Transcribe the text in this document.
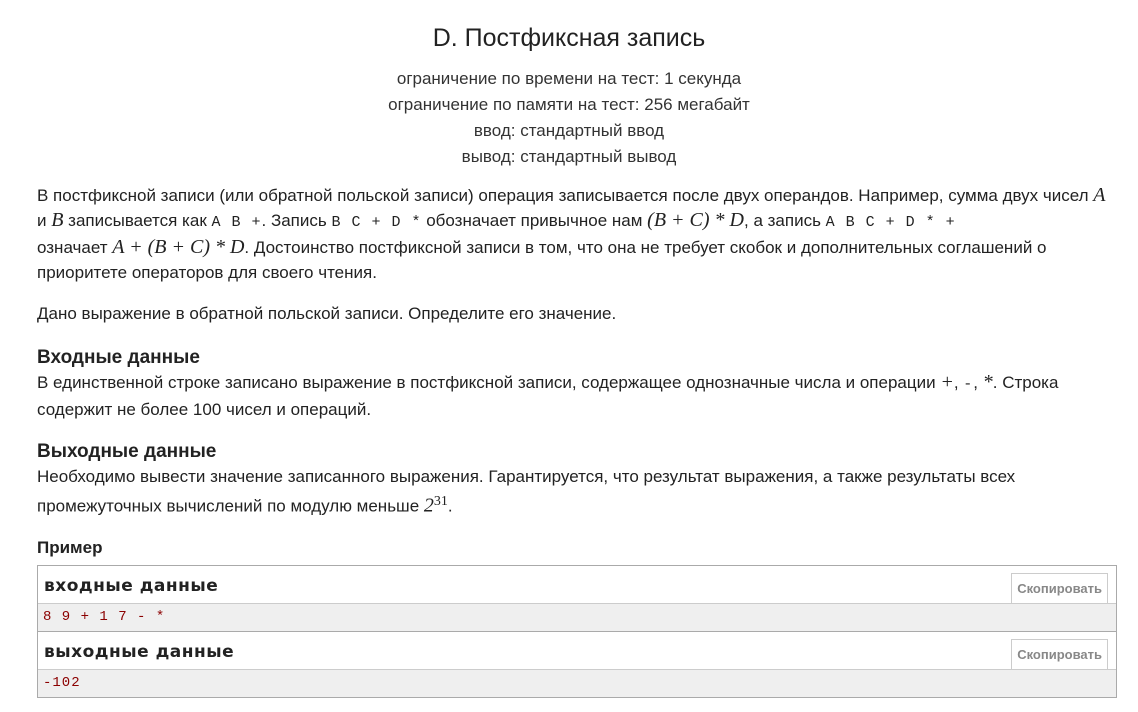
D. Постфиксная запись
ограничение по времени на тест: 1 секунда
ограничение по памяти на тест: 256 мегабайт
ввод: стандартный ввод
вывод: стандартный вывод

В постфиксной записи (или обратной польской записи) операция записывается после двух операндов. Например, сумма двух чисел A и B записывается как A B +. Запись B C + D * обозначает привычное нам (B + C) * D, а запись A B C + D * +
означает A + (B + C) * D. Достоинство постфиксной записи в том, что она не требует скобок и дополнительных соглашений о приоритете операторов для своего чтения.

Дано выражение в обратной польской записи. Определите его значение.

Входные данные
В единственной строке записано выражение в постфиксной записи, содержащее однозначные числа и операции +, -, *. Строка содержит не более 100 чисел и операций.
Выходные данные
Необходимо вывести значение записанного выражения. Гарантируется, что результат выражения, а также результаты всех промежуточных вычислений по модулю меньше $2^{31}$.
Пример
входные данные	Скопировать
8 9 + 1 7 - *
выходные данные	Скопировать
-102
